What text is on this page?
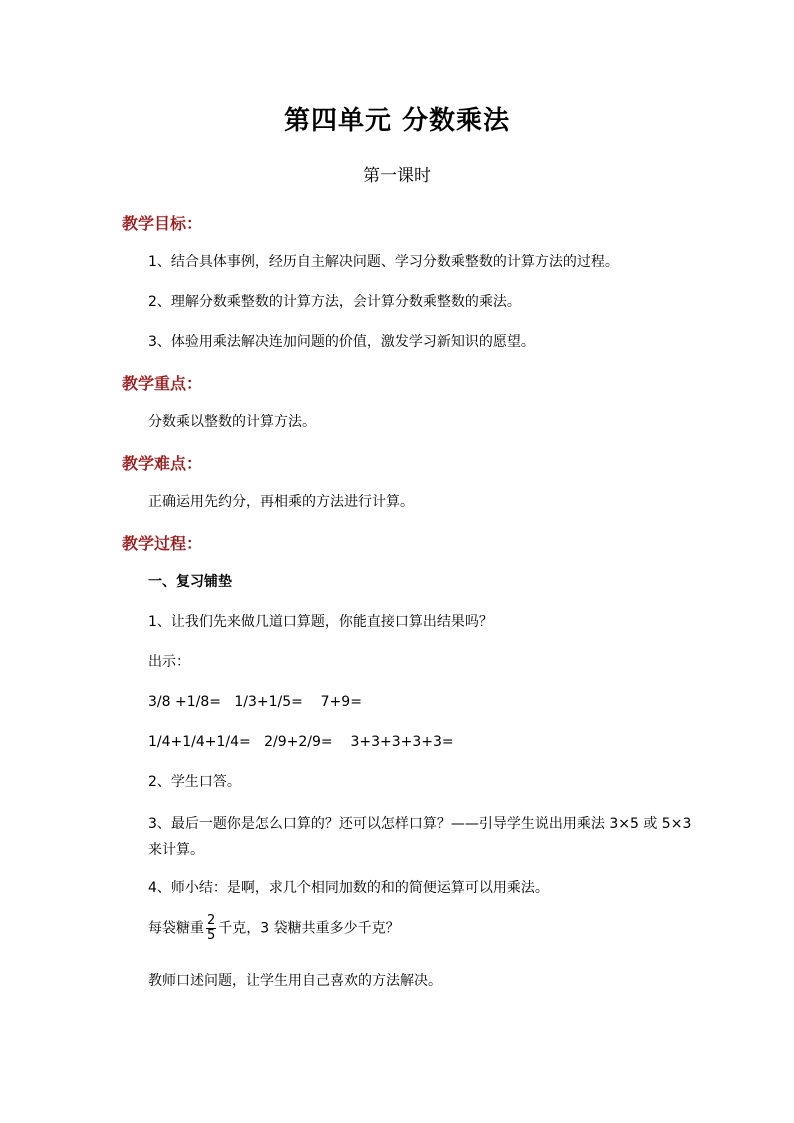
第四单元 分数乘法
第一课时
教学目标：
1、结合具体事例，经历自主解决问题、学习分数乘整数的计算方法的过程。
2、理解分数乘整数的计算方法，会计算分数乘整数的乘法。
3、体验用乘法解决连加问题的价值，激发学习新知识的愿望。
教学重点：
分数乘以整数的计算方法。
教学难点：
正确运用先约分，再相乘的方法进行计算。
教学过程：
一、复习铺垫
1、让我们先来做几道口算题，你能直接口算出结果吗？
出示：
3/8 +1/8=   1/3+1/5=    7+9=
1/4+1/4+1/4=   2/9+2/9=    3+3+3+3+3=
2、学生口答。
3、最后一题你是怎么口算的？还可以怎样口算？——引导学生说出用乘法 3×5 或 5×3 来计算。
4、师小结：是啊，求几个相同加数的和的简便运算可以用乘法。
每袋糖重 $\frac{2}{5}$ 千克，3 袋糖共重多少千克？
教师口述问题，让学生用自己喜欢的方法解决。
